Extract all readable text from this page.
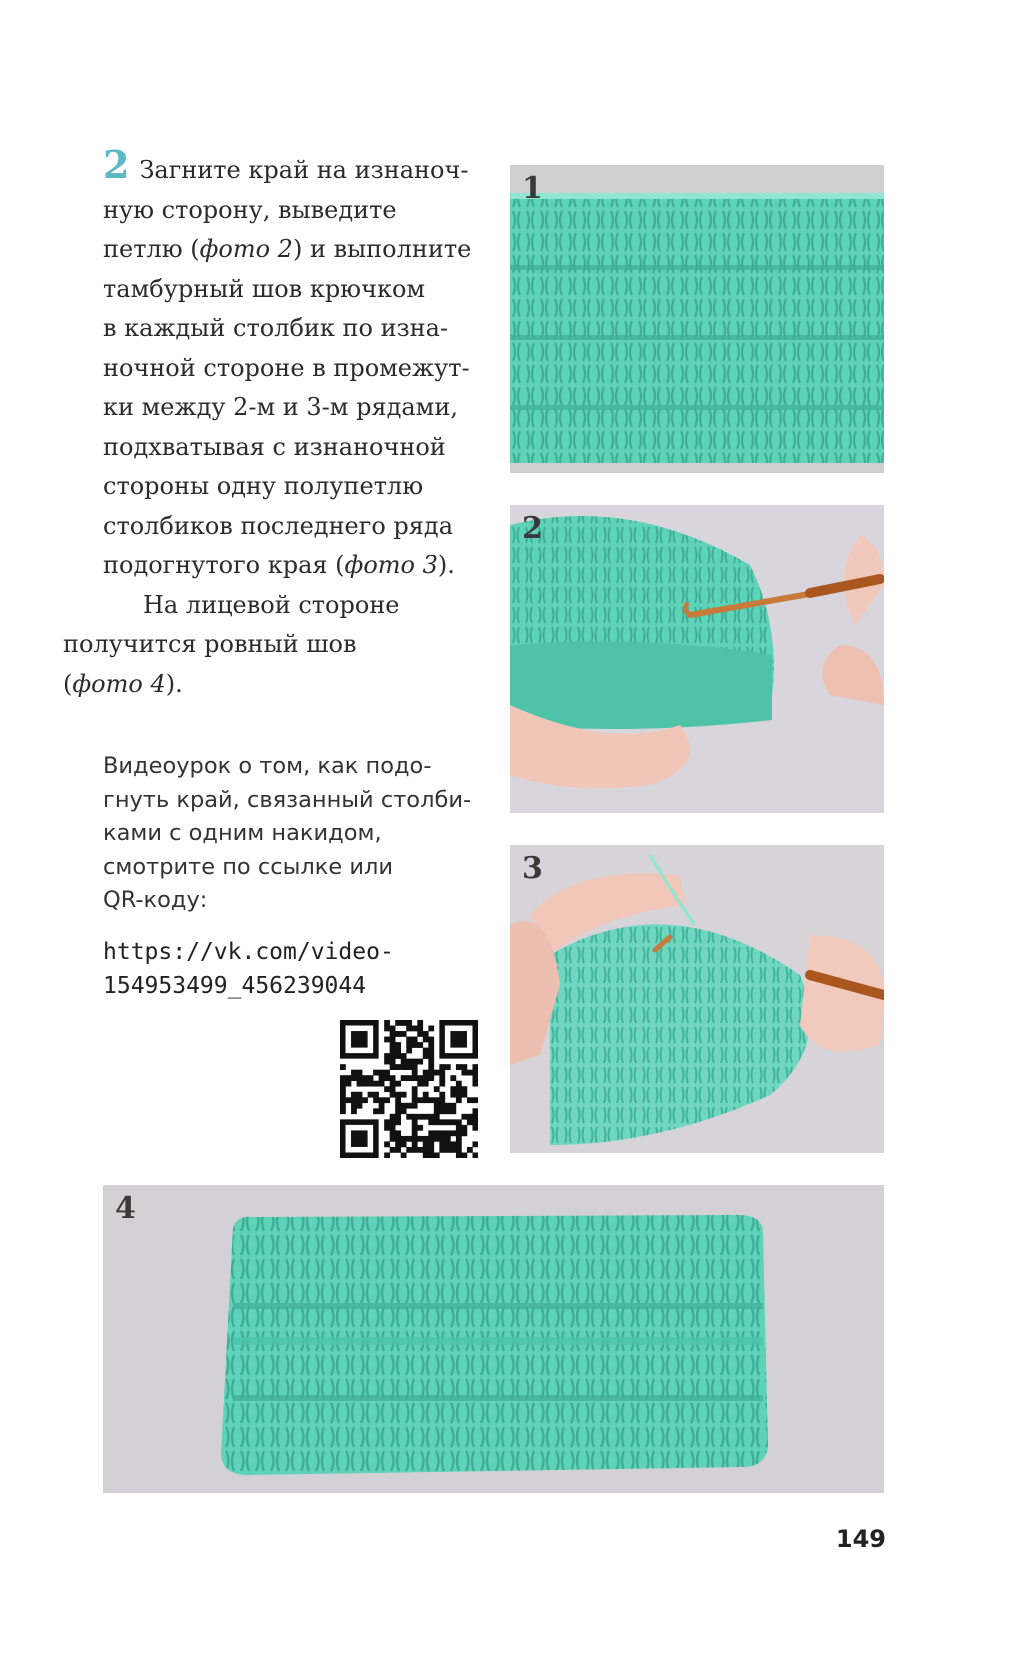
2 Загните край на изнаноч-
ную сторону, выведите
петлю (фото 2) и выполните
тамбурный шов крючком
в каждый столбик по изна-
ночной стороне в промежут-
ки между 2-м и 3-м рядами,
подхватывая с изнаночной
стороны одну полупетлю
столбиков последнего ряда
подогнутого края (фото 3).

На лицевой стороне
получится ровный шов
(фото 4).

Видеоурок о том, как подо-
гнуть край, связанный столби-
ками с одним накидом,
смотрите по ссылке или
QR-коду:
https://vk.com/video-
154953499_456239044
1
2
3
4
149
